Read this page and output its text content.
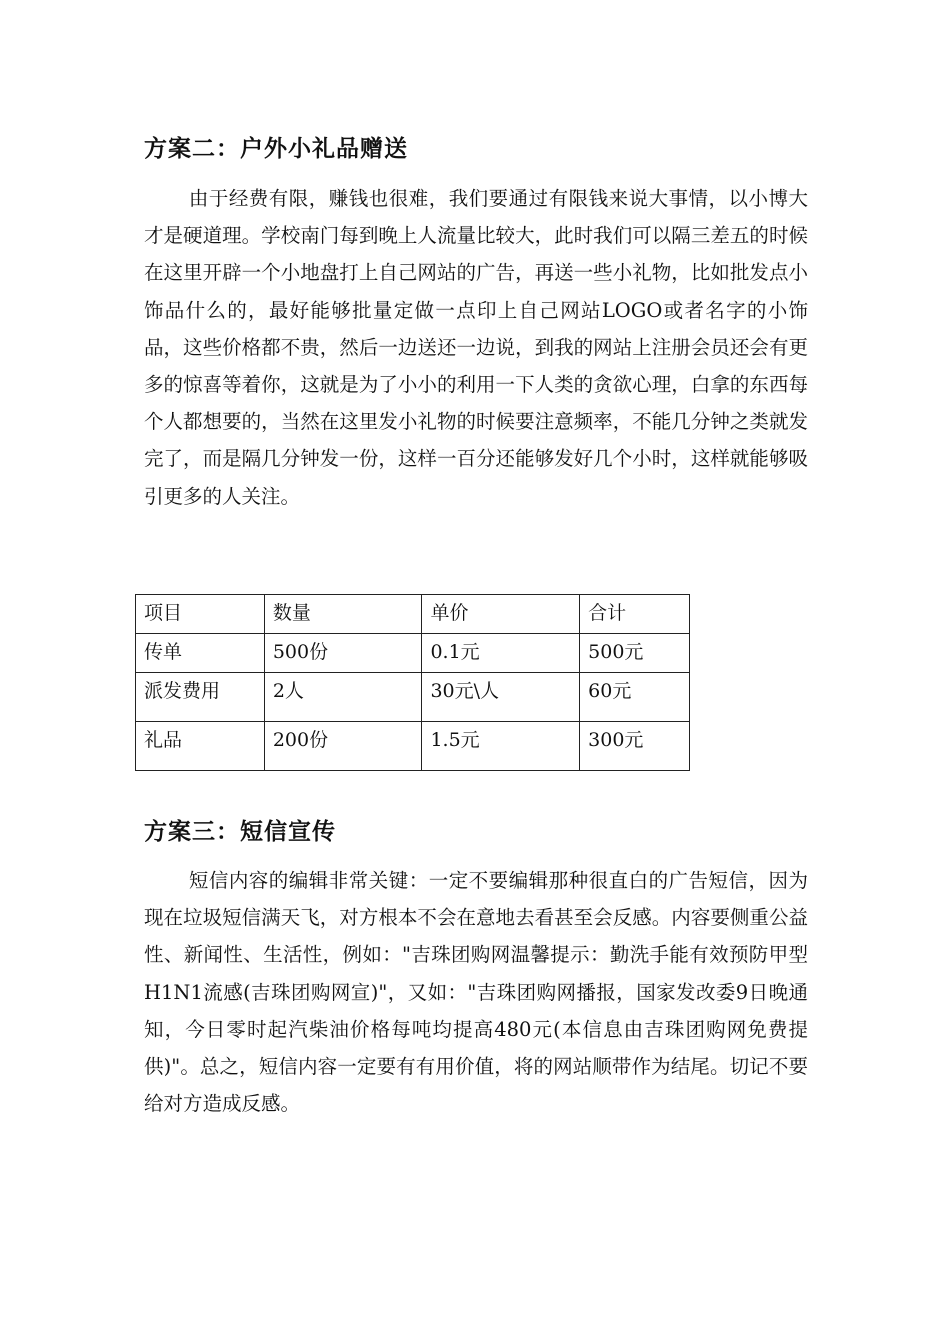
方案二：户外小礼品赠送

由于经费有限，赚钱也很难，我们要通过有限钱来说大事情，以小博大才是硬道理。学校南门每到晚上人流量比较大，此时我们可以隔三差五的时候在这里开辟一个小地盘打上自己网站的广告，再送一些小礼物，比如批发点小饰品什么的，最好能够批量定做一点印上自己网站LOGO或者名字的小饰品，这些价格都不贵，然后一边送还一边说，到我的网站上注册会员还会有更多的惊喜等着你，这就是为了小小的利用一下人类的贪欲心理，白拿的东西每个人都想要的，当然在这里发小礼物的时候要注意频率，不能几分钟之类就发完了，而是隔几分钟发一份，这样一百分还能够发好几个小时，这样就能够吸引更多的人关注。

项目	数量	单价	合计
传单	500份	0.1元	500元
派发费用	2人	30元\人	60元
礼品	200份	1.5元	300元
方案三：短信宣传

短信内容的编辑非常关键：一定不要编辑那种很直白的广告短信，因为现在垃圾短信满天飞，对方根本不会在意地去看甚至会反感。内容要侧重公益性、新闻性、生活性，例如："吉珠团购网温馨提示：勤洗手能有效预防甲型H1N1流感(吉珠团购网宣)"，又如："吉珠团购网播报，国家发改委9日晚通知，今日零时起汽柴油价格每吨均提高480元(本信息由吉珠团购网免费提供)"。总之，短信内容一定要有有用价值，将的网站顺带作为结尾。切记不要给对方造成反感。
